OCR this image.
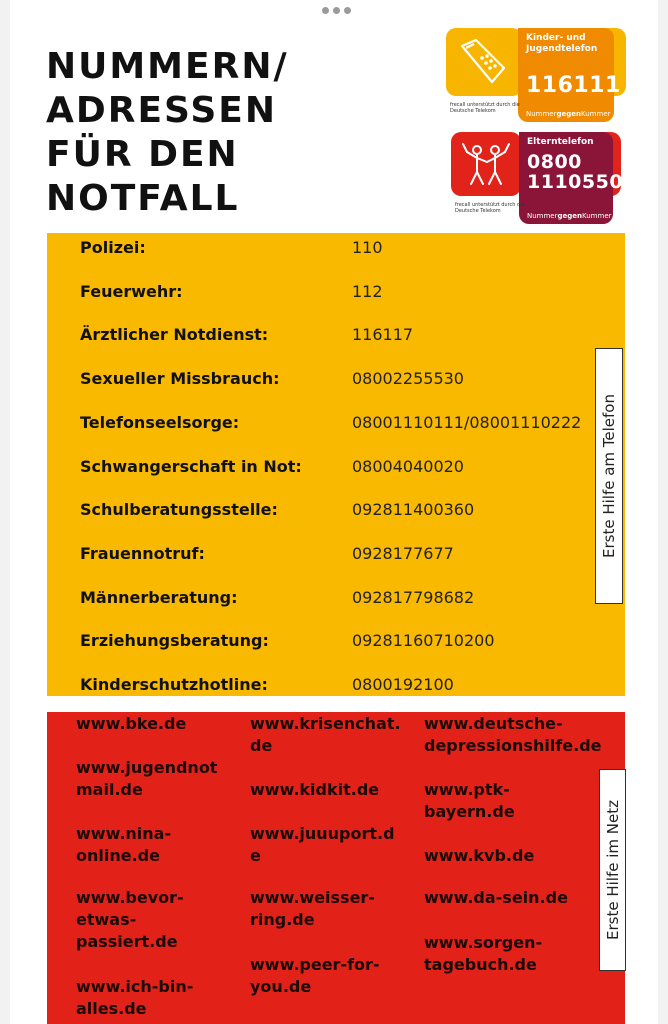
NUMMERN/
ADRESSEN
FÜR DEN
NOTFALL
Kinder- und Jugendtelefon
116111
NummergegenKummer
frecall unterstützt durch die Deutsche Telekom
Elterntelefon
0800
1110550
NummergegenKummer
frecall unterstützt durch die Deutsche Telekom
Polizei:	110
Feuerwehr:	112
Ärztlicher Notdienst:	116117
Sexueller Missbrauch:	08002255530
Telefonseelsorge:	08001110111/08001110222
Schwangerschaft in Not:	08004040020
Schulberatungsstelle:	092811400360
Frauennotruf:	0928177677
Männerberatung:	092817798682
Erziehungsberatung:	09281160710200
Kinderschutzhotline:	0800192100
Erste Hilfe am Telefon
www.bke.de
www.jugendnot
mail.de
www.nina-
online.de
www.bevor-
etwas-
passiert.de
www.ich-bin-
alles.de
www.krisenchat.
de
www.kidkit.de
www.juuuport.d
e
www.weisser-
ring.de
www.peer-for-
you.de
www.deutsche-
depressionshilfe.de
www.ptk-
bayern.de
www.kvb.de
www.da-sein.de
www.sorgen-
tagebuch.de
Erste Hilfe im Netz
